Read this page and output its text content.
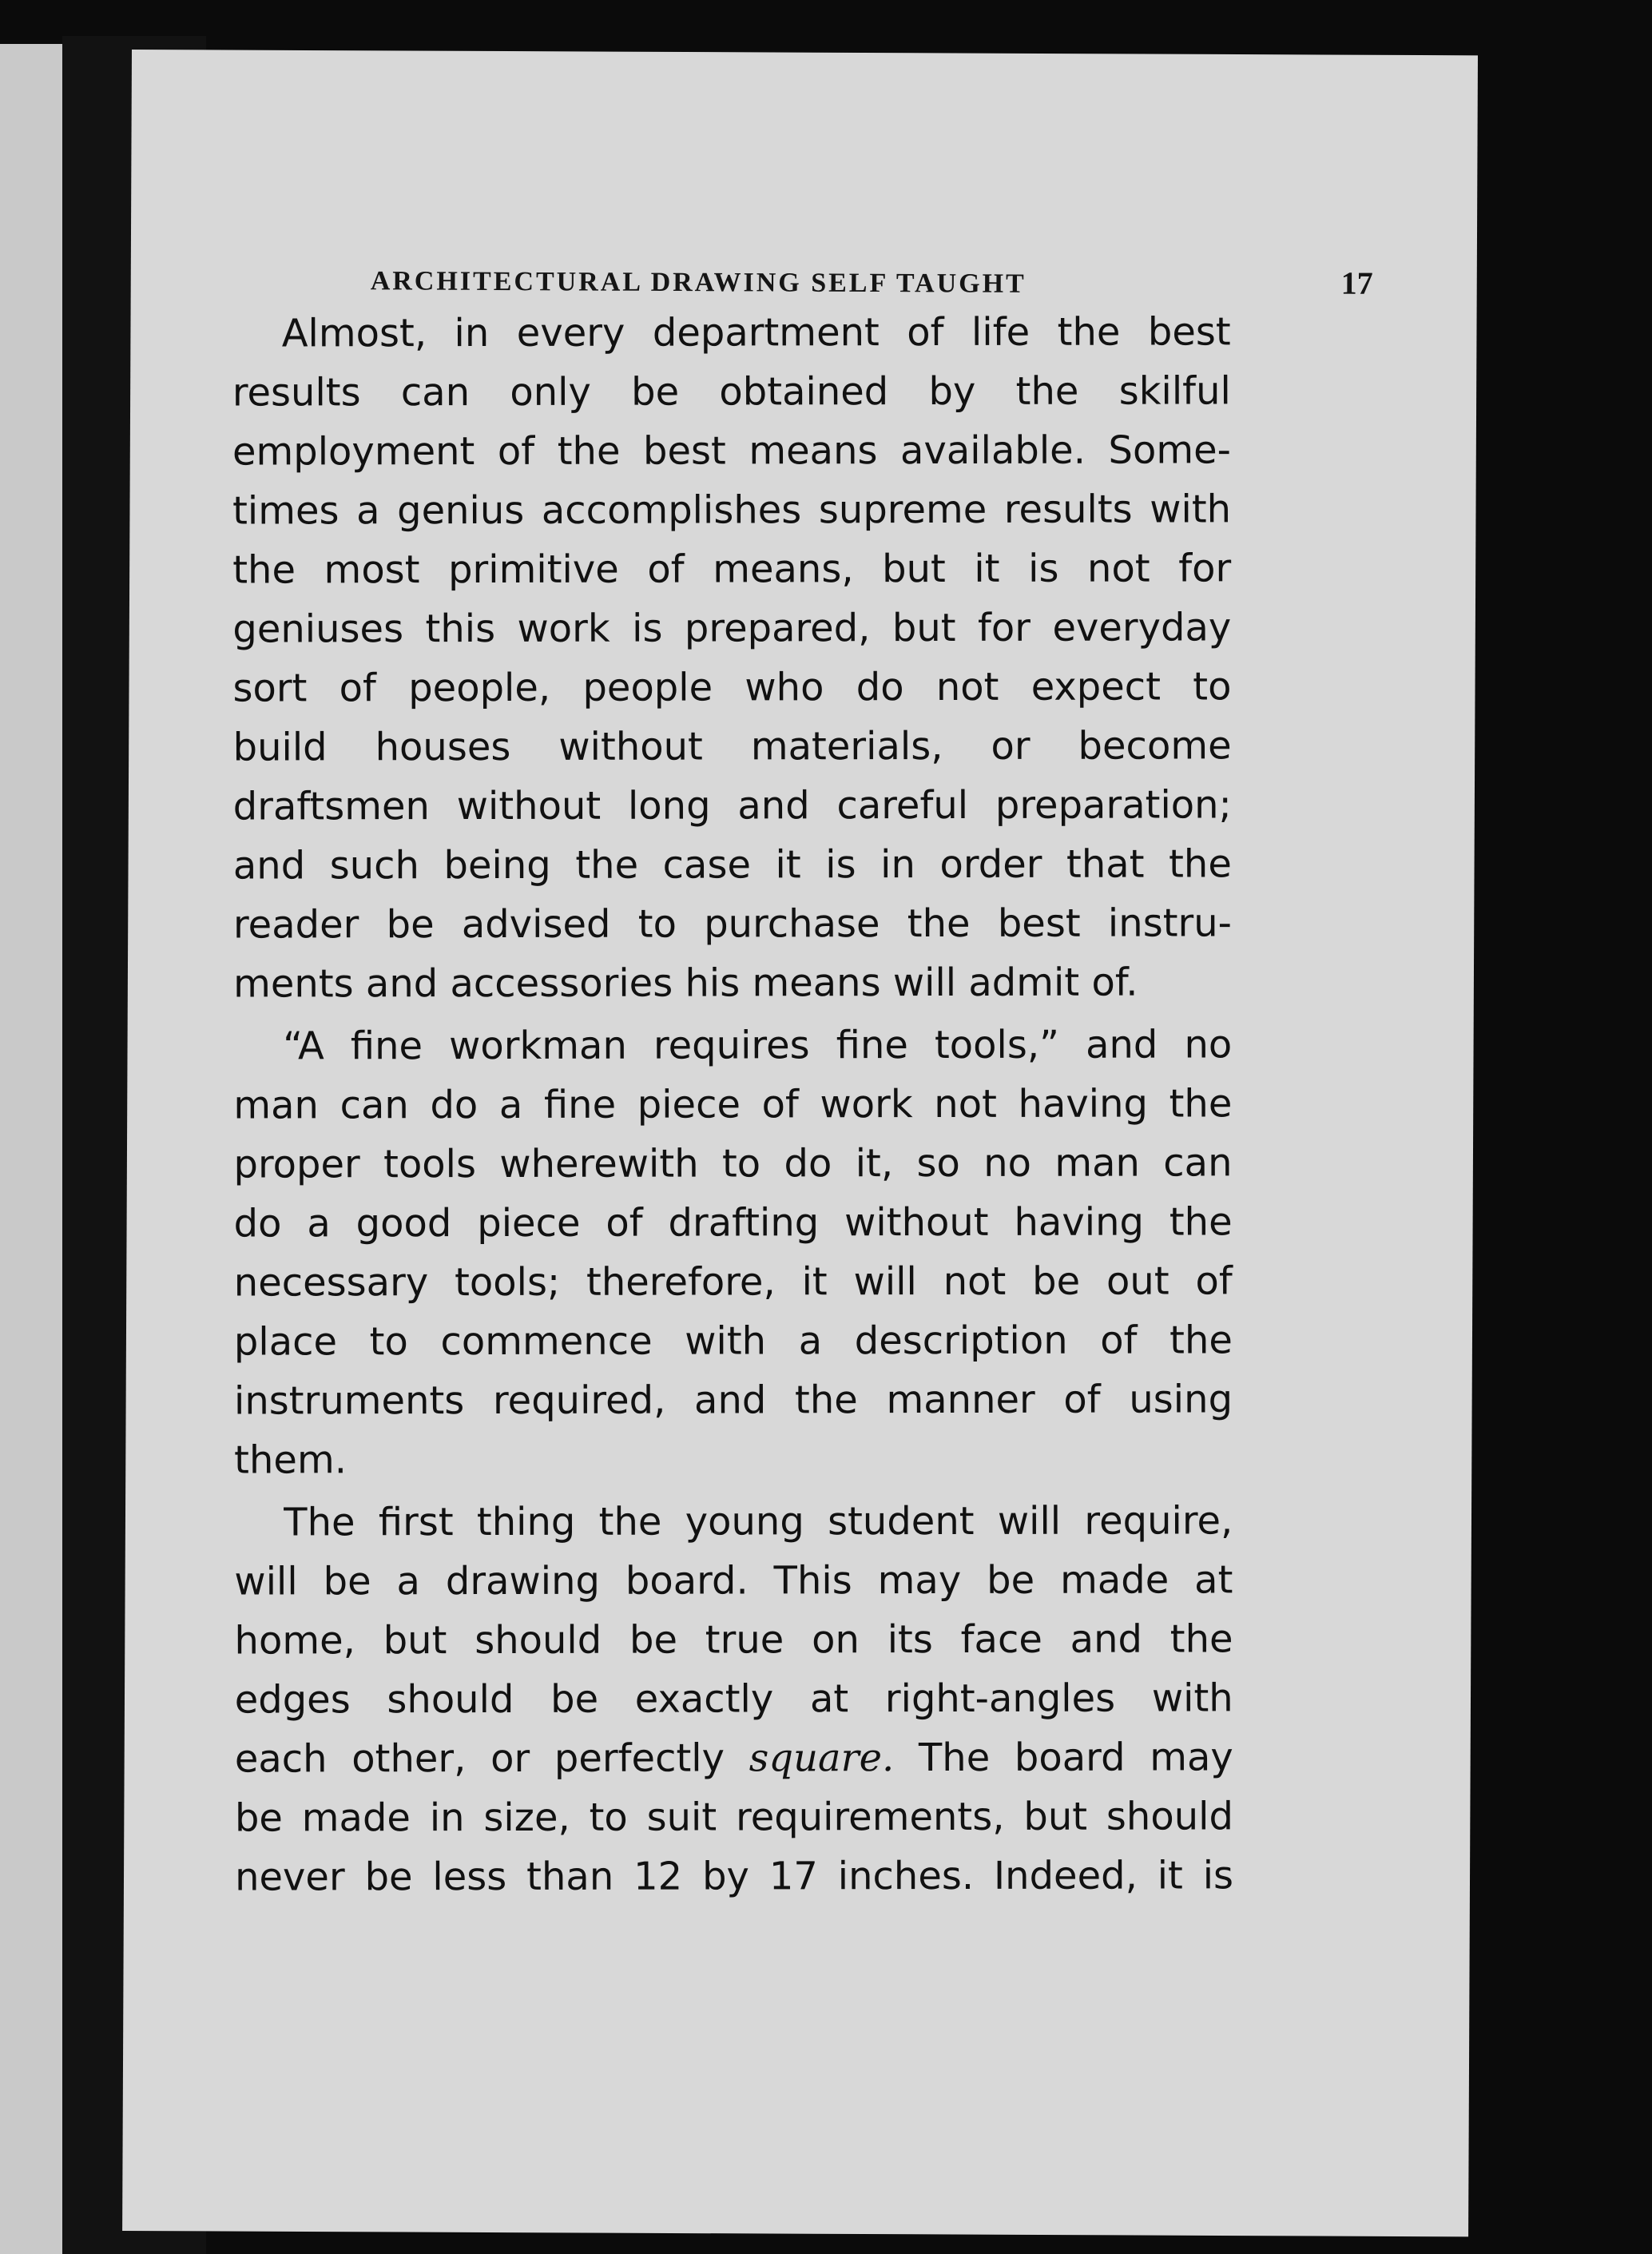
ARCHITECTURAL DRAWING SELF TAUGHT	17
Almost, in every department of life the best
results can only be obtained by the skilful
employment of the best means available. Some-
times a genius accomplishes supreme results with
the most primitive of means, but it is not for
geniuses this work is prepared, but for everyday
sort of people, people who do not expect to
build houses without materials, or become
draftsmen without long and careful preparation;
and such being the case it is in order that the
reader be advised to purchase the best instru-
ments and accessories his means will admit of.
“A fine workman requires fine tools,” and no
man can do a fine piece of work not having the
proper tools wherewith to do it, so no man can
do a good piece of drafting without having the
necessary tools; therefore, it will not be out of
place to commence with a description of the
instruments required, and the manner of using
them.
The first thing the young student will require,
will be a drawing board. This may be made at
home, but should be true on its face and the
edges should be exactly at right-angles with
each other, or perfectly square. The board may
be made in size, to suit requirements, but should
never be less than 12 by 17 inches. Indeed, it is
